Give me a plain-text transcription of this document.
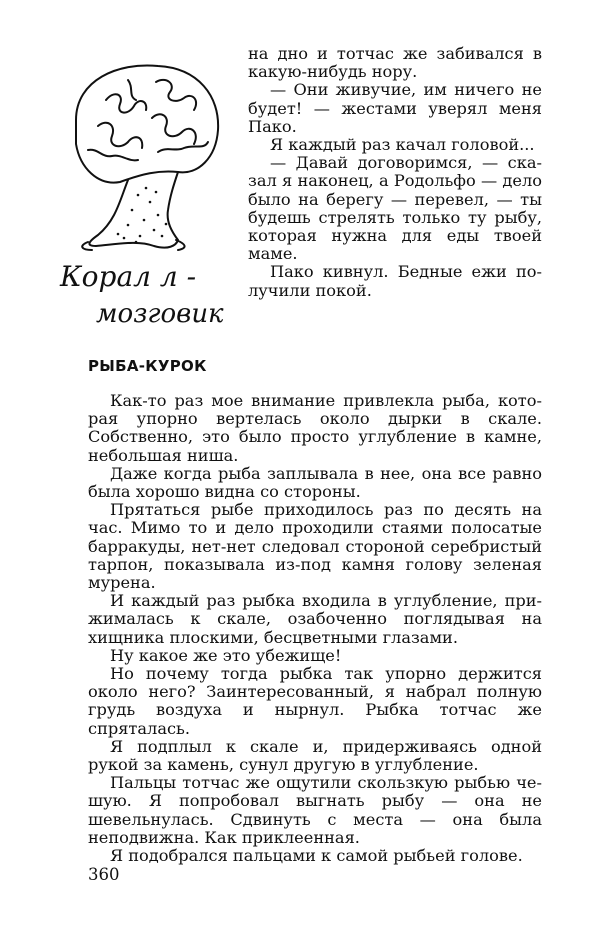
Корал л -
мозговик

на дно и тотчас же забивался в какую-нибудь нору.

— Они живучие, им ничего не будет! — жестами уверял меня Пако.

Я каждый раз качал головой...

— Давай договоримся, — сказал я наконец, а Родольфо — дело было на берегу — перевел, — ты будешь стрелять только ту рыбу, которая нужна для еды твоей маме.

Пако кивнул. Бедные ежи получили покой.

РЫБА-КУРОК

Как-то раз мое внимание привлекла рыба, которая упорно вертелась около дырки в скале. Собственно, это было просто углубление в камне, небольшая ниша.

Даже когда рыба заплывала в нее, она все равно была хорошо видна со стороны.

Прятаться рыбе приходилось раз по десять на час. Мимо то и дело проходили стаями полосатые барракуды, нет-нет следовал стороной серебристый тарпон, показывала из-под камня голову зеленая мурена.

И каждый раз рыбка входила в углубление, прижималась к скале, озабоченно поглядывая на хищника плоскими, бесцветными глазами.

Ну какое же это убежище!

Но почему тогда рыбка так упорно держится около него? Заинтересованный, я набрал полную грудь воздуха и нырнул. Рыбка тотчас же спряталась.

Я подплыл к скале и, придерживаясь одной рукой за камень, сунул другую в углубление.

Пальцы тотчас же ощутили скользкую рыбью чешую. Я попробовал выгнать рыбу — она не шевельнулась. Сдвинуть с места — она была неподвижна. Как приклеенная.

Я подобрался пальцами к самой рыбьей голове.

360
